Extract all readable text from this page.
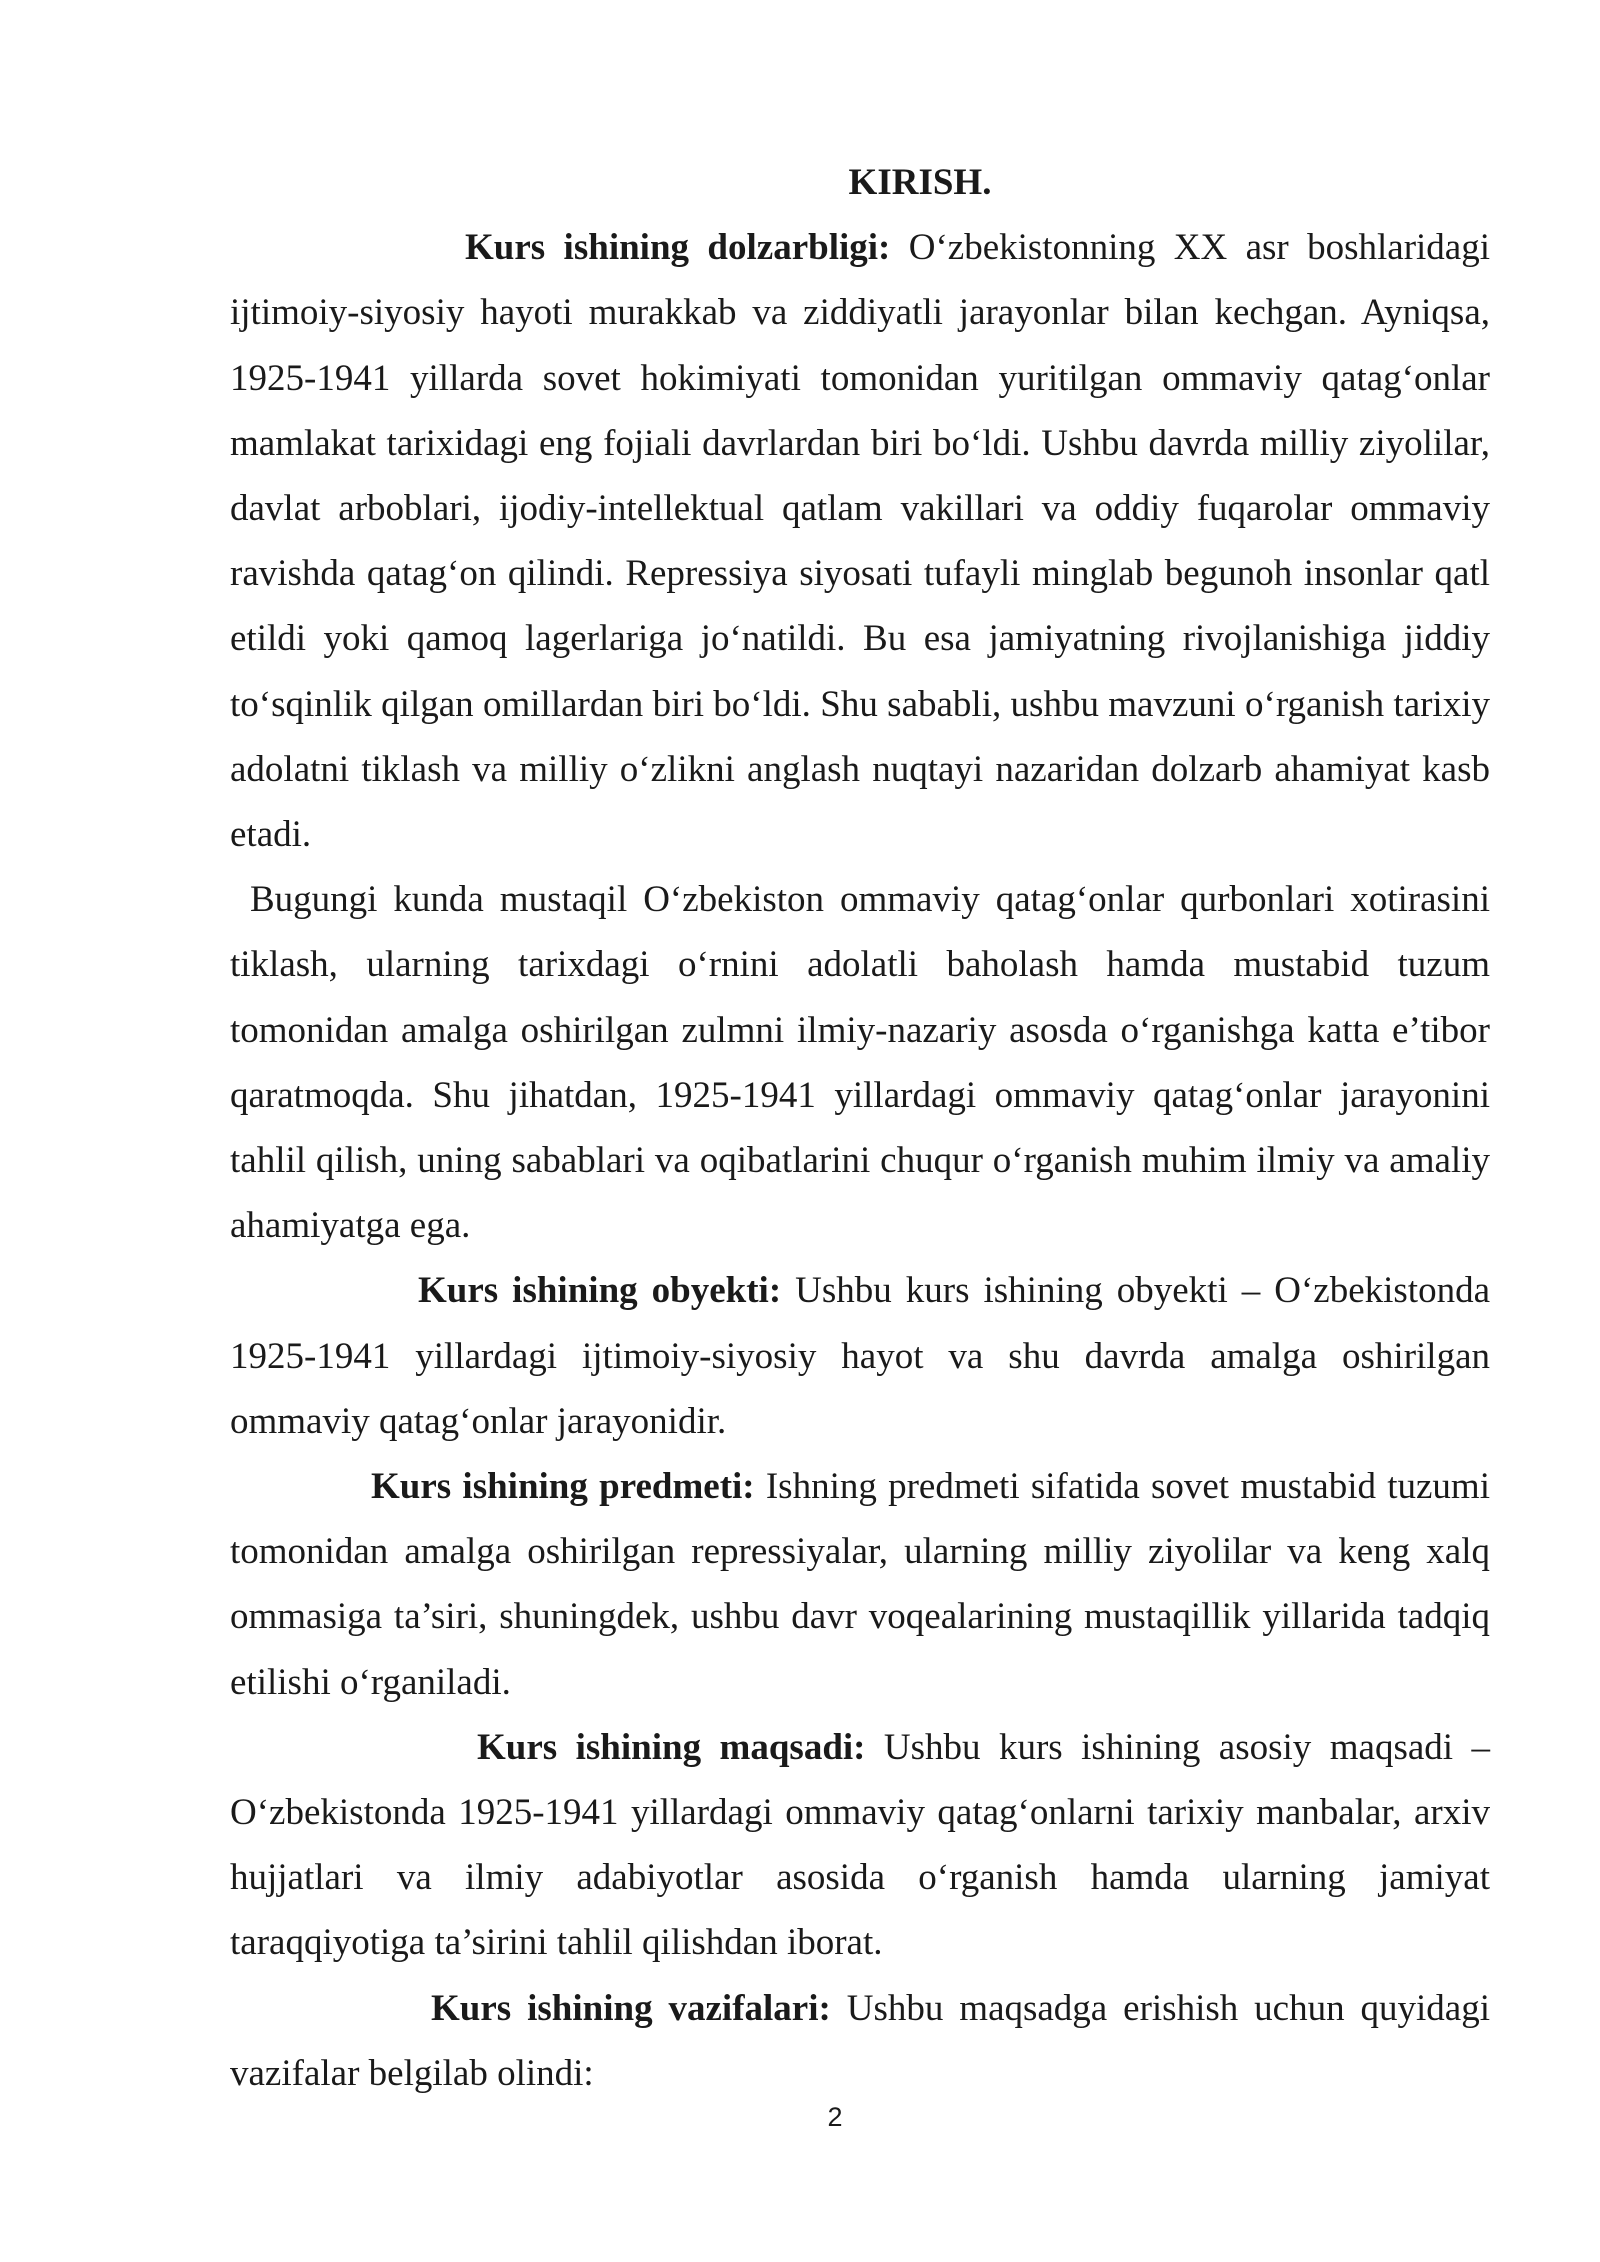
KIRISH.

Kurs ishining dolzarbligi: O‘zbekistonning XX asr boshlaridagi ijtimoiy-siyosiy hayoti murakkab va ziddiyatli jarayonlar bilan kechgan. Ayniqsa, 1925-1941 yillarda sovet hokimiyati tomonidan yuritilgan ommaviy qatag‘onlar mamlakat tarixidagi eng fojiali davrlardan biri bo‘ldi. Ushbu davrda milliy ziyolilar, davlat arboblari, ijodiy-intellektual qatlam vakillari va oddiy fuqarolar ommaviy ravishda qatag‘on qilindi. Repressiya siyosati tufayli minglab begunoh insonlar qatl etildi yoki qamoq lagerlariga jo‘natildi. Bu esa jamiyatning rivojlanishiga jiddiy to‘sqinlik qilgan omillardan biri bo‘ldi. Shu sababli, ushbu mavzuni o‘rganish tarixiy adolatni tiklash va milliy o‘zlikni anglash nuqtayi nazaridan dolzarb ahamiyat kasb etadi.

Bugungi kunda mustaqil O‘zbekiston ommaviy qatag‘onlar qurbonlari xotirasini tiklash, ularning tarixdagi o‘rnini adolatli baholash hamda mustabid tuzum tomonidan amalga oshirilgan zulmni ilmiy-nazariy asosda o‘rganishga katta e’tibor qaratmoqda. Shu jihatdan, 1925-1941 yillardagi ommaviy qatag‘onlar jarayonini tahlil qilish, uning sabablari va oqibatlarini chuqur o‘rganish muhim ilmiy va amaliy ahamiyatga ega.

Kurs ishining obyekti: Ushbu kurs ishining obyekti – O‘zbekistonda 1925-1941 yillardagi ijtimoiy-siyosiy hayot va shu davrda amalga oshirilgan ommaviy qatag‘onlar jarayonidir.

Kurs ishining predmeti: Ishning predmeti sifatida sovet mustabid tuzumi tomonidan amalga oshirilgan repressiyalar, ularning milliy ziyolilar va keng xalq ommasiga ta’siri, shuningdek, ushbu davr voqealarining mustaqillik yillarida tadqiq etilishi o‘rganiladi.

Kurs ishining maqsadi: Ushbu kurs ishining asosiy maqsadi – O‘zbekistonda 1925-1941 yillardagi ommaviy qatag‘onlarni tarixiy manbalar, arxiv hujjatlari va ilmiy adabiyotlar asosida o‘rganish hamda ularning jamiyat taraqqiyotiga ta’sirini tahlil qilishdan iborat.

Kurs ishining vazifalari: Ushbu maqsadga erishish uchun quyidagi vazifalar belgilab olindi:

2
